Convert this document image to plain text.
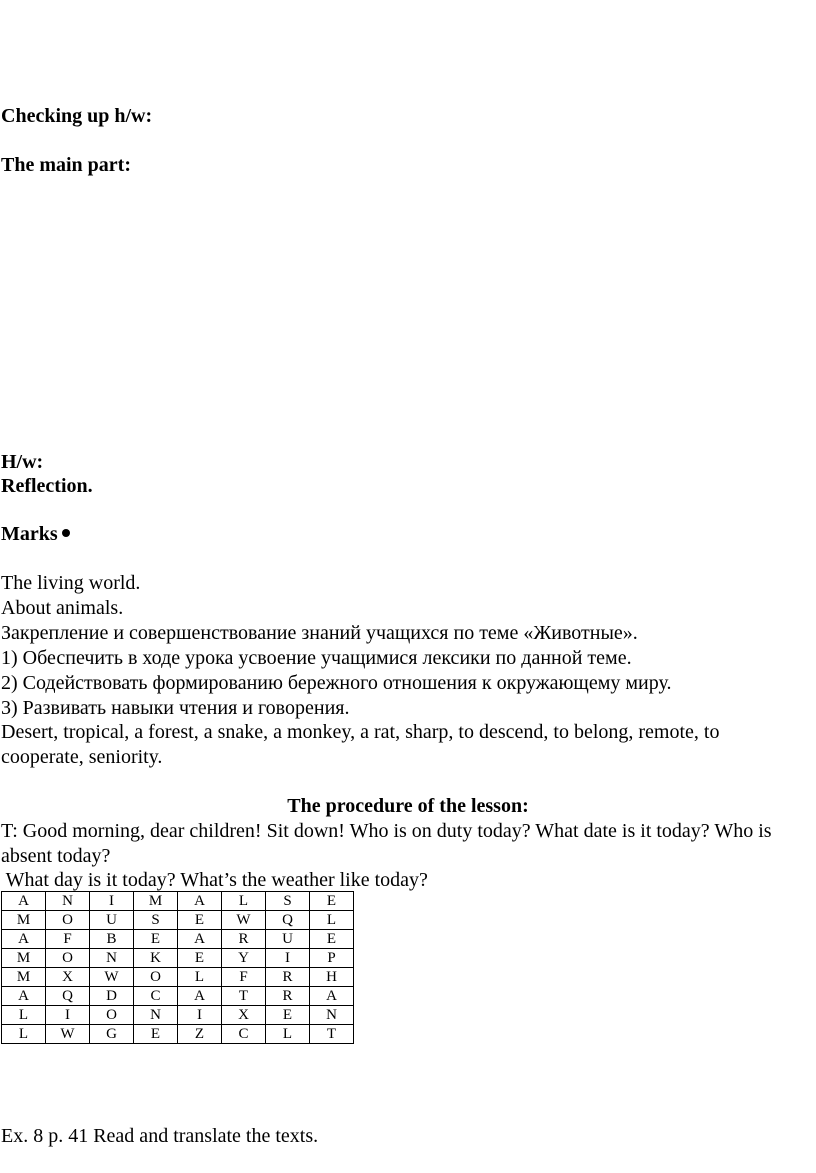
Checking up h/w:
The main part:
H/w:
Reflection.
Marks
The living world.
About animals.
Закрепление и совершенствование знаний учащихся по теме «Животные».
1) Обеспечить в ходе урока усвоение учащимися лексики по данной теме.
2) Содействовать формированию бережного отношения к окружающему миру.
3) Развивать навыки чтения и говорения.
Desert, tropical, a forest, a snake, a monkey, a rat, sharp, to descend, to belong, remote, to cooperate, seniority.
The procedure of the lesson:
T: Good morning, dear children! Sit down! Who is on duty today? What date is it today? Who is absent today?
What day is it today? What’s the weather like today?
A	N	I	M	A	L	S	E
M	O	U	S	E	W	Q	L
A	F	B	E	A	R	U	E
M	O	N	K	E	Y	I	P
M	X	W	O	L	F	R	H
A	Q	D	C	A	T	R	A
L	I	O	N	I	X	E	N
L	W	G	E	Z	C	L	T
Ex. 8 p. 41 Read and translate the texts.
